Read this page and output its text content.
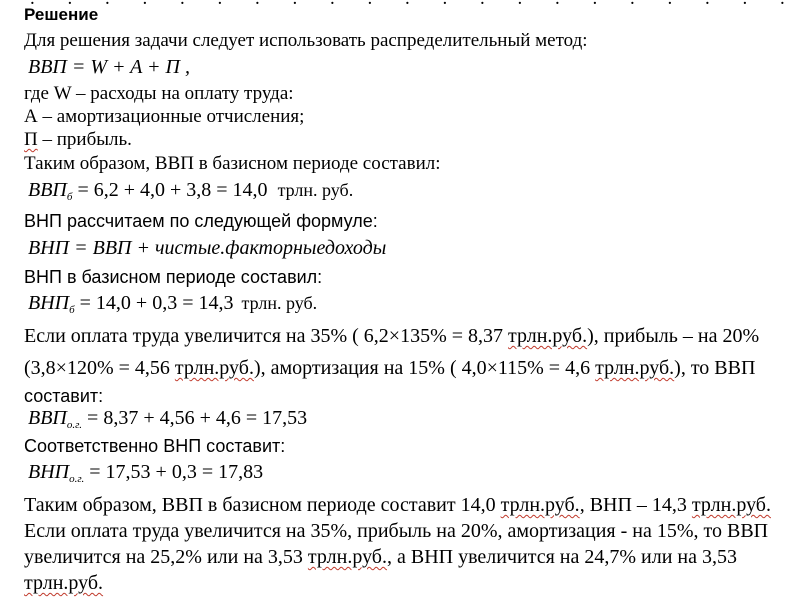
Решение
Для решения задачи следует использовать распределительный метод:
ВВП = W + A + П ,
где W – расходы на оплату труда:
А – амортизационные отчисления;
П – прибыль.
Таким образом, ВВП в базисном периоде составил:
$ВВП_б = 6,2 + 4,0 + 3,8 = 14,0$ трлн. руб.
ВНП рассчитаем по следующей формуле:
ВНП = ВВП + чистые.факторныедоходы
ВНП в базисном периоде составил:
$ВНП_б = 14,0 + 0,3 = 14,3$ трлн. руб.
Если оплата труда увеличится на 35% ( 6,2×135% = 8,37 трлн.руб.), прибыль – на 20%
(3,8×120% = 4,56 трлн.руб.), амортизация на 15% ( 4,0×115% = 4,6 трлн.руб.), то ВВП
составит:
$ВВП_{о.г.} = 8,37 + 4,56 + 4,6 = 17,53$
Соответственно ВНП составит:
$ВНП_{о.г.} = 17,53 + 0,3 = 17,83$
Таким образом, ВВП в базисном периоде составит 14,0 трлн.руб., ВНП – 14,3 трлн.руб.
Если оплата труда увеличится на 35%, прибыль на 20%, амортизация - на 15%, то ВВП
увеличится на 25,2% или на 3,53 трлн.руб., а ВНП увеличится на 24,7% или на 3,53
трлн.руб.
